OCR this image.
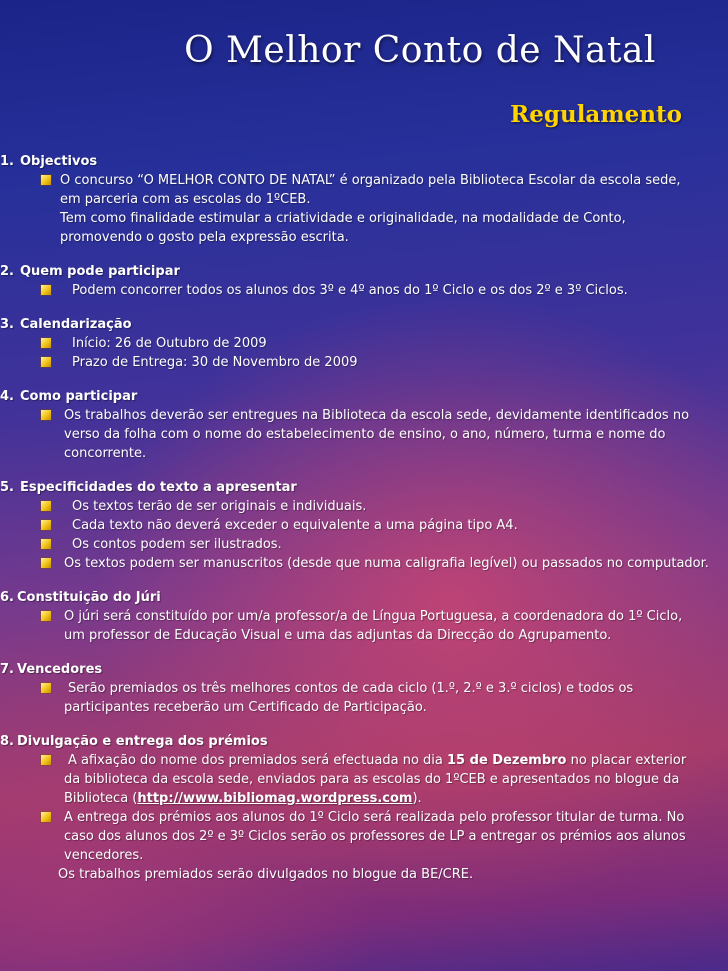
O Melhor Conto de Natal
Regulamento
1. Objectivos
O concurso “O MELHOR CONTO DE NATAL” é organizado pela Biblioteca Escolar da escola sede,
em parceria com as escolas do 1ºCEB.
Tem como finalidade estimular a criatividade e originalidade, na modalidade de Conto,
promovendo o gosto pela expressão escrita.
2. Quem pode participar
Podem concorrer todos os alunos dos 3º e 4º anos do 1º Ciclo e os dos 2º e 3º Ciclos.
3. Calendarização
Início: 26 de Outubro de 2009
Prazo de Entrega: 30 de Novembro de 2009
4. Como participar
Os trabalhos deverão ser entregues na Biblioteca da escola sede, devidamente identificados no
verso da folha com o nome do estabelecimento de ensino, o ano, número, turma e nome do
concorrente.
5. Especificidades do texto a apresentar
Os textos terão de ser originais e individuais.
Cada texto não deverá exceder o equivalente a uma página tipo A4.
Os contos podem ser ilustrados.
Os textos podem ser manuscritos (desde que numa caligrafia legível) ou passados no computador.
6. Constituição do Júri
O júri será constituído por um/a professor/a de Língua Portuguesa, a coordenadora do 1º Ciclo,
um professor de Educação Visual e uma das adjuntas da Direcção do Agrupamento.
7. Vencedores
Serão premiados os três melhores contos de cada ciclo (1.º, 2.º e 3.º ciclos) e todos os
participantes receberão um Certificado de Participação.
8. Divulgação e entrega dos prémios
A afixação do nome dos premiados será efectuada no dia 15 de Dezembro no placar exterior
da biblioteca da escola sede, enviados para as escolas do 1ºCEB e apresentados no blogue da
Biblioteca (http://www.bibliomag.wordpress.com).
A entrega dos prémios aos alunos do 1º Ciclo será realizada pelo professor titular de turma. No
caso dos alunos dos 2º e 3º Ciclos serão os professores de LP a entregar os prémios aos alunos
vencedores.
Os trabalhos premiados serão divulgados no blogue da BE/CRE.
